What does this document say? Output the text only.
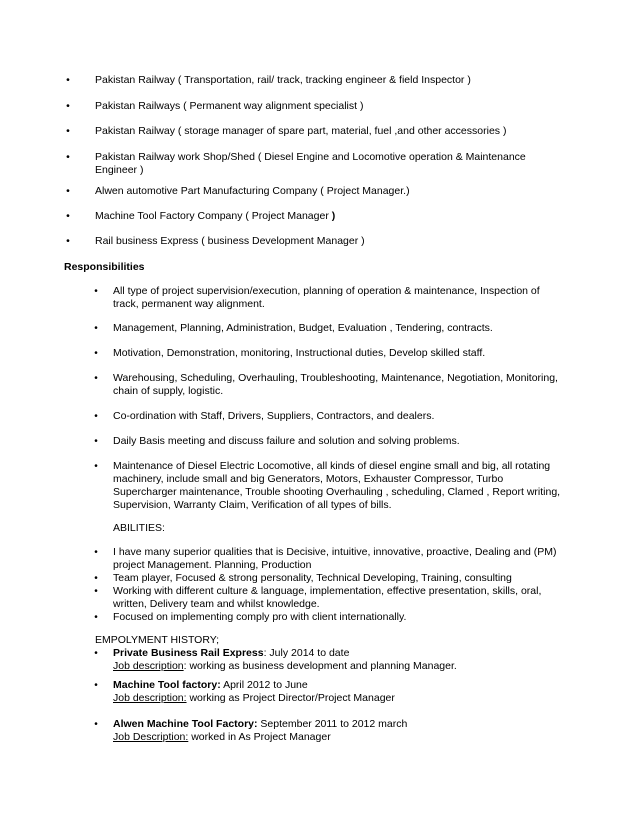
• Pakistan Railway ( Transportation, rail/ track, tracking engineer & field Inspector )
• Pakistan Railways ( Permanent way alignment specialist )
• Pakistan Railway ( storage manager of spare part, material, fuel ,and other accessories )
• Pakistan Railway work Shop/Shed ( Diesel Engine and Locomotive operation & Maintenance
Engineer )
• Alwen automotive Part Manufacturing Company ( Project Manager.)
• Machine Tool Factory Company ( Project Manager )
• Rail business Express ( business Development Manager )
Responsibilities
•	All type of project supervision/execution, planning of operation & maintenance, Inspection of
track, permanent way alignment.
•	Management, Planning, Administration, Budget, Evaluation , Tendering, contracts.
•	Motivation, Demonstration, monitoring, Instructional duties, Develop skilled staff.
•	Warehousing, Scheduling, Overhauling, Troubleshooting, Maintenance, Negotiation, Monitoring,
chain of supply, logistic.
•	Co-ordination with Staff, Drivers, Suppliers, Contractors, and dealers.
•	Daily Basis meeting and discuss failure and solution and solving problems.
•	Maintenance of Diesel Electric Locomotive, all kinds of diesel engine small and big, all rotating
machinery, include small and big Generators, Motors, Exhauster Compressor, Turbo
Supercharger maintenance, Trouble shooting Overhauling , scheduling, Clamed , Report writing,
Supervision, Warranty Claim, Verification of all types of bills.
ABILITIES:
•	I have many superior qualities that is Decisive, intuitive, innovative, proactive, Dealing and (PM)
project Management. Planning, Production
•	Team player, Focused & strong personality, Technical Developing, Training, consulting
•	Working with different culture & language, implementation, effective presentation, skills, oral,
written, Delivery team and whilst knowledge.
•	Focused on implementing comply pro with client internationally.
EMPOLYMENT HISTORY;
•	Private Business Rail Express: July 2014 to date
Job description: working as business development and planning Manager.
•	Machine Tool factory: April 2012 to June
Job description: working as Project Director/Project Manager
•	Alwen Machine Tool Factory: September 2011 to 2012 march
Job Description: worked in As Project Manager
